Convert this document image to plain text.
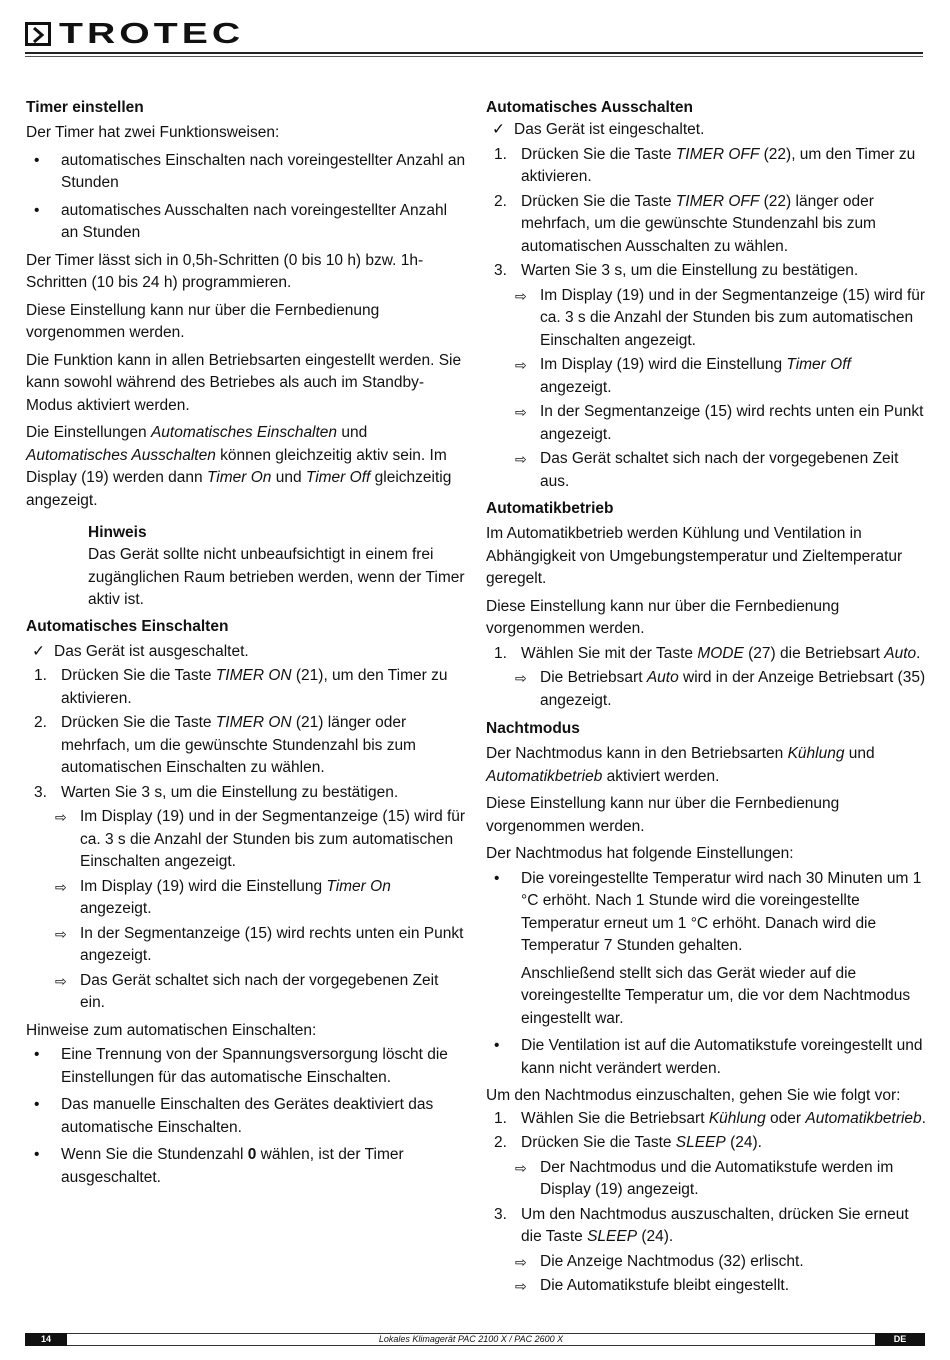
TROTEC
Timer einstellen

Der Timer hat zwei Funktionsweisen:

• automatisches Einschalten nach voreingestellter Anzahl an Stunden
• automatisches Ausschalten nach voreingestellter Anzahl an Stunden

Der Timer lässt sich in 0,5h-Schritten (0 bis 10 h) bzw. 1h-Schritten (10 bis 24 h) programmieren.

Diese Einstellung kann nur über die Fernbedienung vorgenommen werden.

Die Funktion kann in allen Betriebsarten eingestellt werden. Sie kann sowohl während des Betriebes als auch im Standby-Modus aktiviert werden.

Die Einstellungen Automatisches Einschalten und Automatisches Ausschalten können gleichzeitig aktiv sein. Im Display (19) werden dann Timer On und Timer Off gleichzeitig angezeigt.

Hinweis
Das Gerät sollte nicht unbeaufsichtigt in einem frei zugänglichen Raum betrieben werden, wenn der Timer aktiv ist.
Automatisches Einschalten
✓ Das Gerät ist ausgeschaltet.
1. Drücken Sie die Taste TIMER ON (21), um den Timer zu aktivieren.
2. Drücken Sie die Taste TIMER ON (21) länger oder mehrfach, um die gewünschte Stundenzahl bis zum automatischen Einschalten zu wählen.
3. Warten Sie 3 s, um die Einstellung zu bestätigen.
⇨ Im Display (19) und in der Segmentanzeige (15) wird für ca. 3 s die Anzahl der Stunden bis zum automatischen Einschalten angezeigt.
⇨ Im Display (19) wird die Einstellung Timer On angezeigt.
⇨ In der Segmentanzeige (15) wird rechts unten ein Punkt angezeigt.
⇨ Das Gerät schaltet sich nach der vorgegebenen Zeit ein.

Hinweise zum automatischen Einschalten:

• Eine Trennung von der Spannungsversorgung löscht die Einstellungen für das automatische Einschalten.
• Das manuelle Einschalten des Gerätes deaktiviert das automatische Einschalten.
• Wenn Sie die Stundenzahl 0 wählen, ist der Timer ausgeschaltet.
Automatisches Ausschalten
✓ Das Gerät ist eingeschaltet.
1. Drücken Sie die Taste TIMER OFF (22), um den Timer zu aktivieren.
2. Drücken Sie die Taste TIMER OFF (22) länger oder mehrfach, um die gewünschte Stundenzahl bis zum automatischen Ausschalten zu wählen.
3. Warten Sie 3 s, um die Einstellung zu bestätigen.
⇨ Im Display (19) und in der Segmentanzeige (15) wird für ca. 3 s die Anzahl der Stunden bis zum automatischen Einschalten angezeigt.
⇨ Im Display (19) wird die Einstellung Timer Off angezeigt.
⇨ In der Segmentanzeige (15) wird rechts unten ein Punkt angezeigt.
⇨ Das Gerät schaltet sich nach der vorgegebenen Zeit aus.
Automatikbetrieb

Im Automatikbetrieb werden Kühlung und Ventilation in Abhängigkeit von Umgebungstemperatur und Zieltemperatur geregelt.

Diese Einstellung kann nur über die Fernbedienung vorgenommen werden.

1. Wählen Sie mit der Taste MODE (27) die Betriebsart Auto.
⇨ Die Betriebsart Auto wird in der Anzeige Betriebsart (35) angezeigt.
Nachtmodus

Der Nachtmodus kann in den Betriebsarten Kühlung und Automatikbetrieb aktiviert werden.

Diese Einstellung kann nur über die Fernbedienung vorgenommen werden.

Der Nachtmodus hat folgende Einstellungen:

• Die voreingestellte Temperatur wird nach 30 Minuten um 1 °C erhöht. Nach 1 Stunde wird die voreingestellte Temperatur erneut um 1 °C erhöht. Danach wird die Temperatur 7 Stunden gehalten.
Anschließend stellt sich das Gerät wieder auf die voreingestellte Temperatur um, die vor dem Nachtmodus eingestellt war.
• Die Ventilation ist auf die Automatikstufe voreingestellt und kann nicht verändert werden.

Um den Nachtmodus einzuschalten, gehen Sie wie folgt vor:

1. Wählen Sie die Betriebsart Kühlung oder Automatikbetrieb.
2. Drücken Sie die Taste SLEEP (24).
⇨ Der Nachtmodus und die Automatikstufe werden im Display (19) angezeigt.
3. Um den Nachtmodus auszuschalten, drücken Sie erneut die Taste SLEEP (24).
⇨ Die Anzeige Nachtmodus (32) erlischt.
⇨ Die Automatikstufe bleibt eingestellt.
14	Lokales Klimagerät PAC 2100 X / PAC 2600 X	DE
